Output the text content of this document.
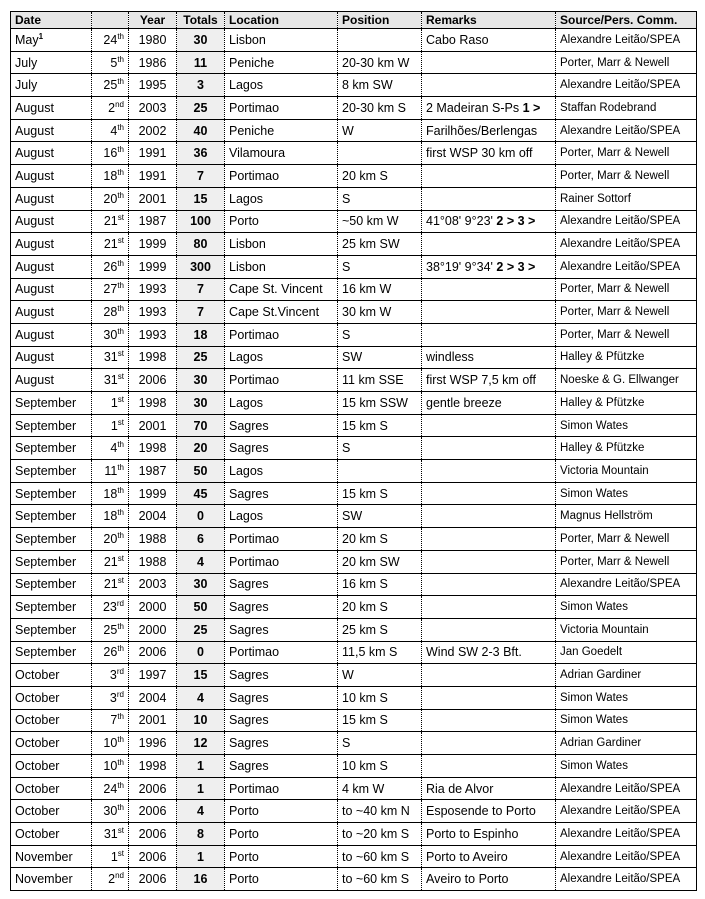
Date		Year	Totals	Location	Position	Remarks	Source/Pers. Comm.
May$^1$	24th	1980	30	Lisbon		Cabo Raso	Alexandre Leitão/SPEA
July	5th	1986	11	Peniche	20-30 km W		Porter, Marr & Newell
July	25th	1995	3	Lagos	8 km SW		Alexandre Leitão/SPEA
August	2nd	2003	25	Portimao	20-30 km S	2 Madeiran S-Ps 1 >	Staffan Rodebrand
August	4th	2002	40	Peniche	W	Farilhões/Berlengas	Alexandre Leitão/SPEA
August	16th	1991	36	Vilamoura		first WSP 30 km off	Porter, Marr & Newell
August	18th	1991	7	Portimao	20 km S		Porter, Marr & Newell
August	20th	2001	15	Lagos	S		Rainer Sottorf
August	21st	1987	100	Porto	~50 km W	41°08' 9°23' 2 > 3 >	Alexandre Leitão/SPEA
August	21st	1999	80	Lisbon	25 km SW		Alexandre Leitão/SPEA
August	26th	1999	300	Lisbon	S	38°19' 9°34' 2 > 3 >	Alexandre Leitão/SPEA
August	27th	1993	7	Cape St. Vincent	16 km W		Porter, Marr & Newell
August	28th	1993	7	Cape St.Vincent	30 km W		Porter, Marr & Newell
August	30th	1993	18	Portimao	S		Porter, Marr & Newell
August	31st	1998	25	Lagos	SW	windless	Halley & Pfützke
August	31st	2006	30	Portimao	11 km SSE	first WSP 7,5 km off	Noeske & G. Ellwanger
September	1st	1998	30	Lagos	15 km SSW	gentle breeze	Halley & Pfützke
September	1st	2001	70	Sagres	15 km S		Simon Wates
September	4th	1998	20	Sagres	S		Halley & Pfützke
September	11th	1987	50	Lagos			Victoria Mountain
September	18th	1999	45	Sagres	15 km S		Simon Wates
September	18th	2004	0	Lagos	SW		Magnus Hellström
September	20th	1988	6	Portimao	20 km S		Porter, Marr & Newell
September	21st	1988	4	Portimao	20 km SW		Porter, Marr & Newell
September	21st	2003	30	Sagres	16 km S		Alexandre Leitão/SPEA
September	23rd	2000	50	Sagres	20 km S		Simon Wates
September	25th	2000	25	Sagres	25 km S		Victoria Mountain
September	26th	2006	0	Portimao	11,5 km S	Wind SW 2-3 Bft.	Jan Goedelt
October	3rd	1997	15	Sagres	W		Adrian Gardiner
October	3rd	2004	4	Sagres	10 km S		Simon Wates
October	7th	2001	10	Sagres	15 km S		Simon Wates
October	10th	1996	12	Sagres	S		Adrian Gardiner
October	10th	1998	1	Sagres	10 km S		Simon Wates
October	24th	2006	1	Portimao	4 km W	Ria de Alvor	Alexandre Leitão/SPEA
October	30th	2006	4	Porto	to ~40 km N	Esposende to Porto	Alexandre Leitão/SPEA
October	31st	2006	8	Porto	to ~20 km S	Porto to Espinho	Alexandre Leitão/SPEA
November	1st	2006	1	Porto	to ~60 km S	Porto to Aveiro	Alexandre Leitão/SPEA
November	2nd	2006	16	Porto	to ~60 km S	Aveiro to Porto	Alexandre Leitão/SPEA
